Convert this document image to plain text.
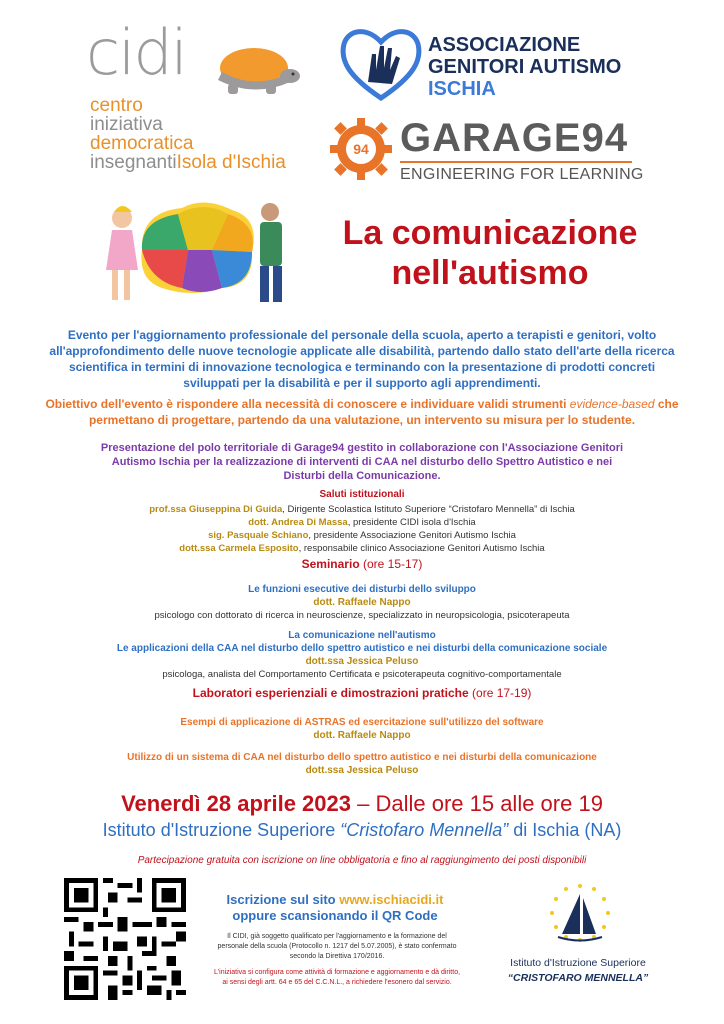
cidi
centro
iniziativa
democratica
insegnantiIsola d'Ischia
ASSOCIAZIONE
GENITORI AUTISMO
ISCHIA
94 GARAGE94
ENGINEERING FOR LEARNING
La comunicazione
nell'autismo
Evento per l'aggiornamento professionale del personale della scuola, aperto a terapisti e genitori, volto all'approfondimento delle nuove tecnologie applicate alle disabilità, partendo dallo stato dell'arte della ricerca scientifica in termini di innovazione tecnologica e terminando con la presentazione di prodotti concreti sviluppati per la disabilità e per il supporto agli apprendimenti.
Obiettivo dell'evento è rispondere alla necessità di conoscere e individuare validi strumenti evidence-based che permettano di progettare, partendo da una valutazione, un intervento su misura per lo studente.
Presentazione del polo territoriale di Garage94 gestito in collaborazione con l'Associazione Genitori Autismo Ischia per la realizzazione di interventi di CAA nel disturbo dello Spettro Autistico e nei Disturbi della Comunicazione.
Saluti istituzionali
prof.ssa Giuseppina Di Guida, Dirigente Scolastica Istituto Superiore “Cristofaro Mennella” di Ischia
dott. Andrea Di Massa, presidente CIDI isola d'Ischia
sig. Pasquale Schiano, presidente Associazione Genitori Autismo Ischia
dott.ssa Carmela Esposito, responsabile clinico Associazione Genitori Autismo Ischia
Seminario (ore 15-17)
Le funzioni esecutive dei disturbi dello sviluppo
dott. Raffaele Nappo
psicologo con dottorato di ricerca in neuroscienze, specializzato in neuropsicologia, psicoterapeuta
La comunicazione nell'autismo
Le applicazioni della CAA nel disturbo dello spettro autistico e nei disturbi della comunicazione sociale
dott.ssa Jessica Peluso
psicologa, analista del Comportamento Certificata e psicoterapeuta cognitivo-comportamentale
Laboratori esperienziali e dimostrazioni pratiche (ore 17-19)
Esempi di applicazione di ASTRAS ed esercitazione sull'utilizzo del software
dott. Raffaele Nappo
Utilizzo di un sistema di CAA nel disturbo dello spettro autistico e nei disturbi della comunicazione
dott.ssa Jessica Peluso
Venerdì 28 aprile 2023 – Dalle ore 15 alle ore 19
Istituto d'Istruzione Superiore “Cristofaro Mennella” di Ischia (NA)
Partecipazione gratuita con iscrizione on line obbligatoria e fino al raggiungimento dei posti disponibili
Iscrizione sul sito www.ischiacidi.it
oppure scansionando il QR Code
Il CIDI, già soggetto qualificato per l'aggiornamento e la formazione del personale della scuola (Protocollo n. 1217 del 5.07.2005), è stato confermato secondo la Direttiva 170/2016.
L'iniziativa si configura come attività di formazione e aggiornamento e dà diritto, ai sensi degli artt. 64 e 65 del C.C.N.L., a richiedere l'esonero dal servizio.
Istituto d'Istruzione Superiore
“CRISTOFARO MENNELLA”
